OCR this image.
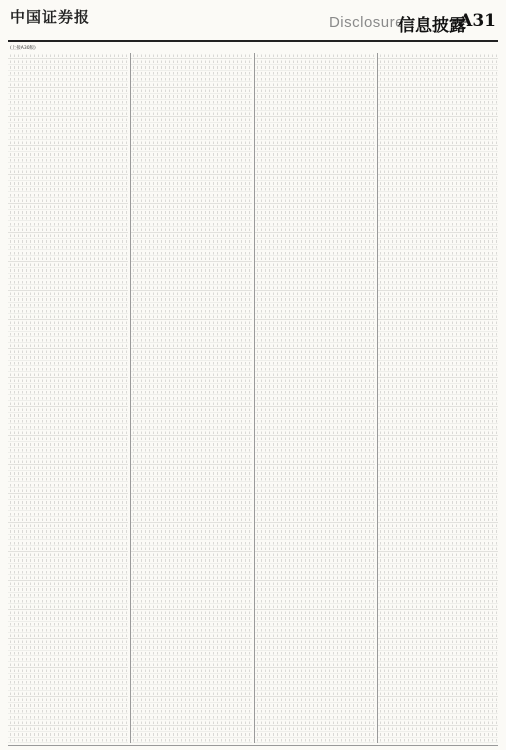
中国证券报	Disclosure
信息披露
A31
(上接A30版)
